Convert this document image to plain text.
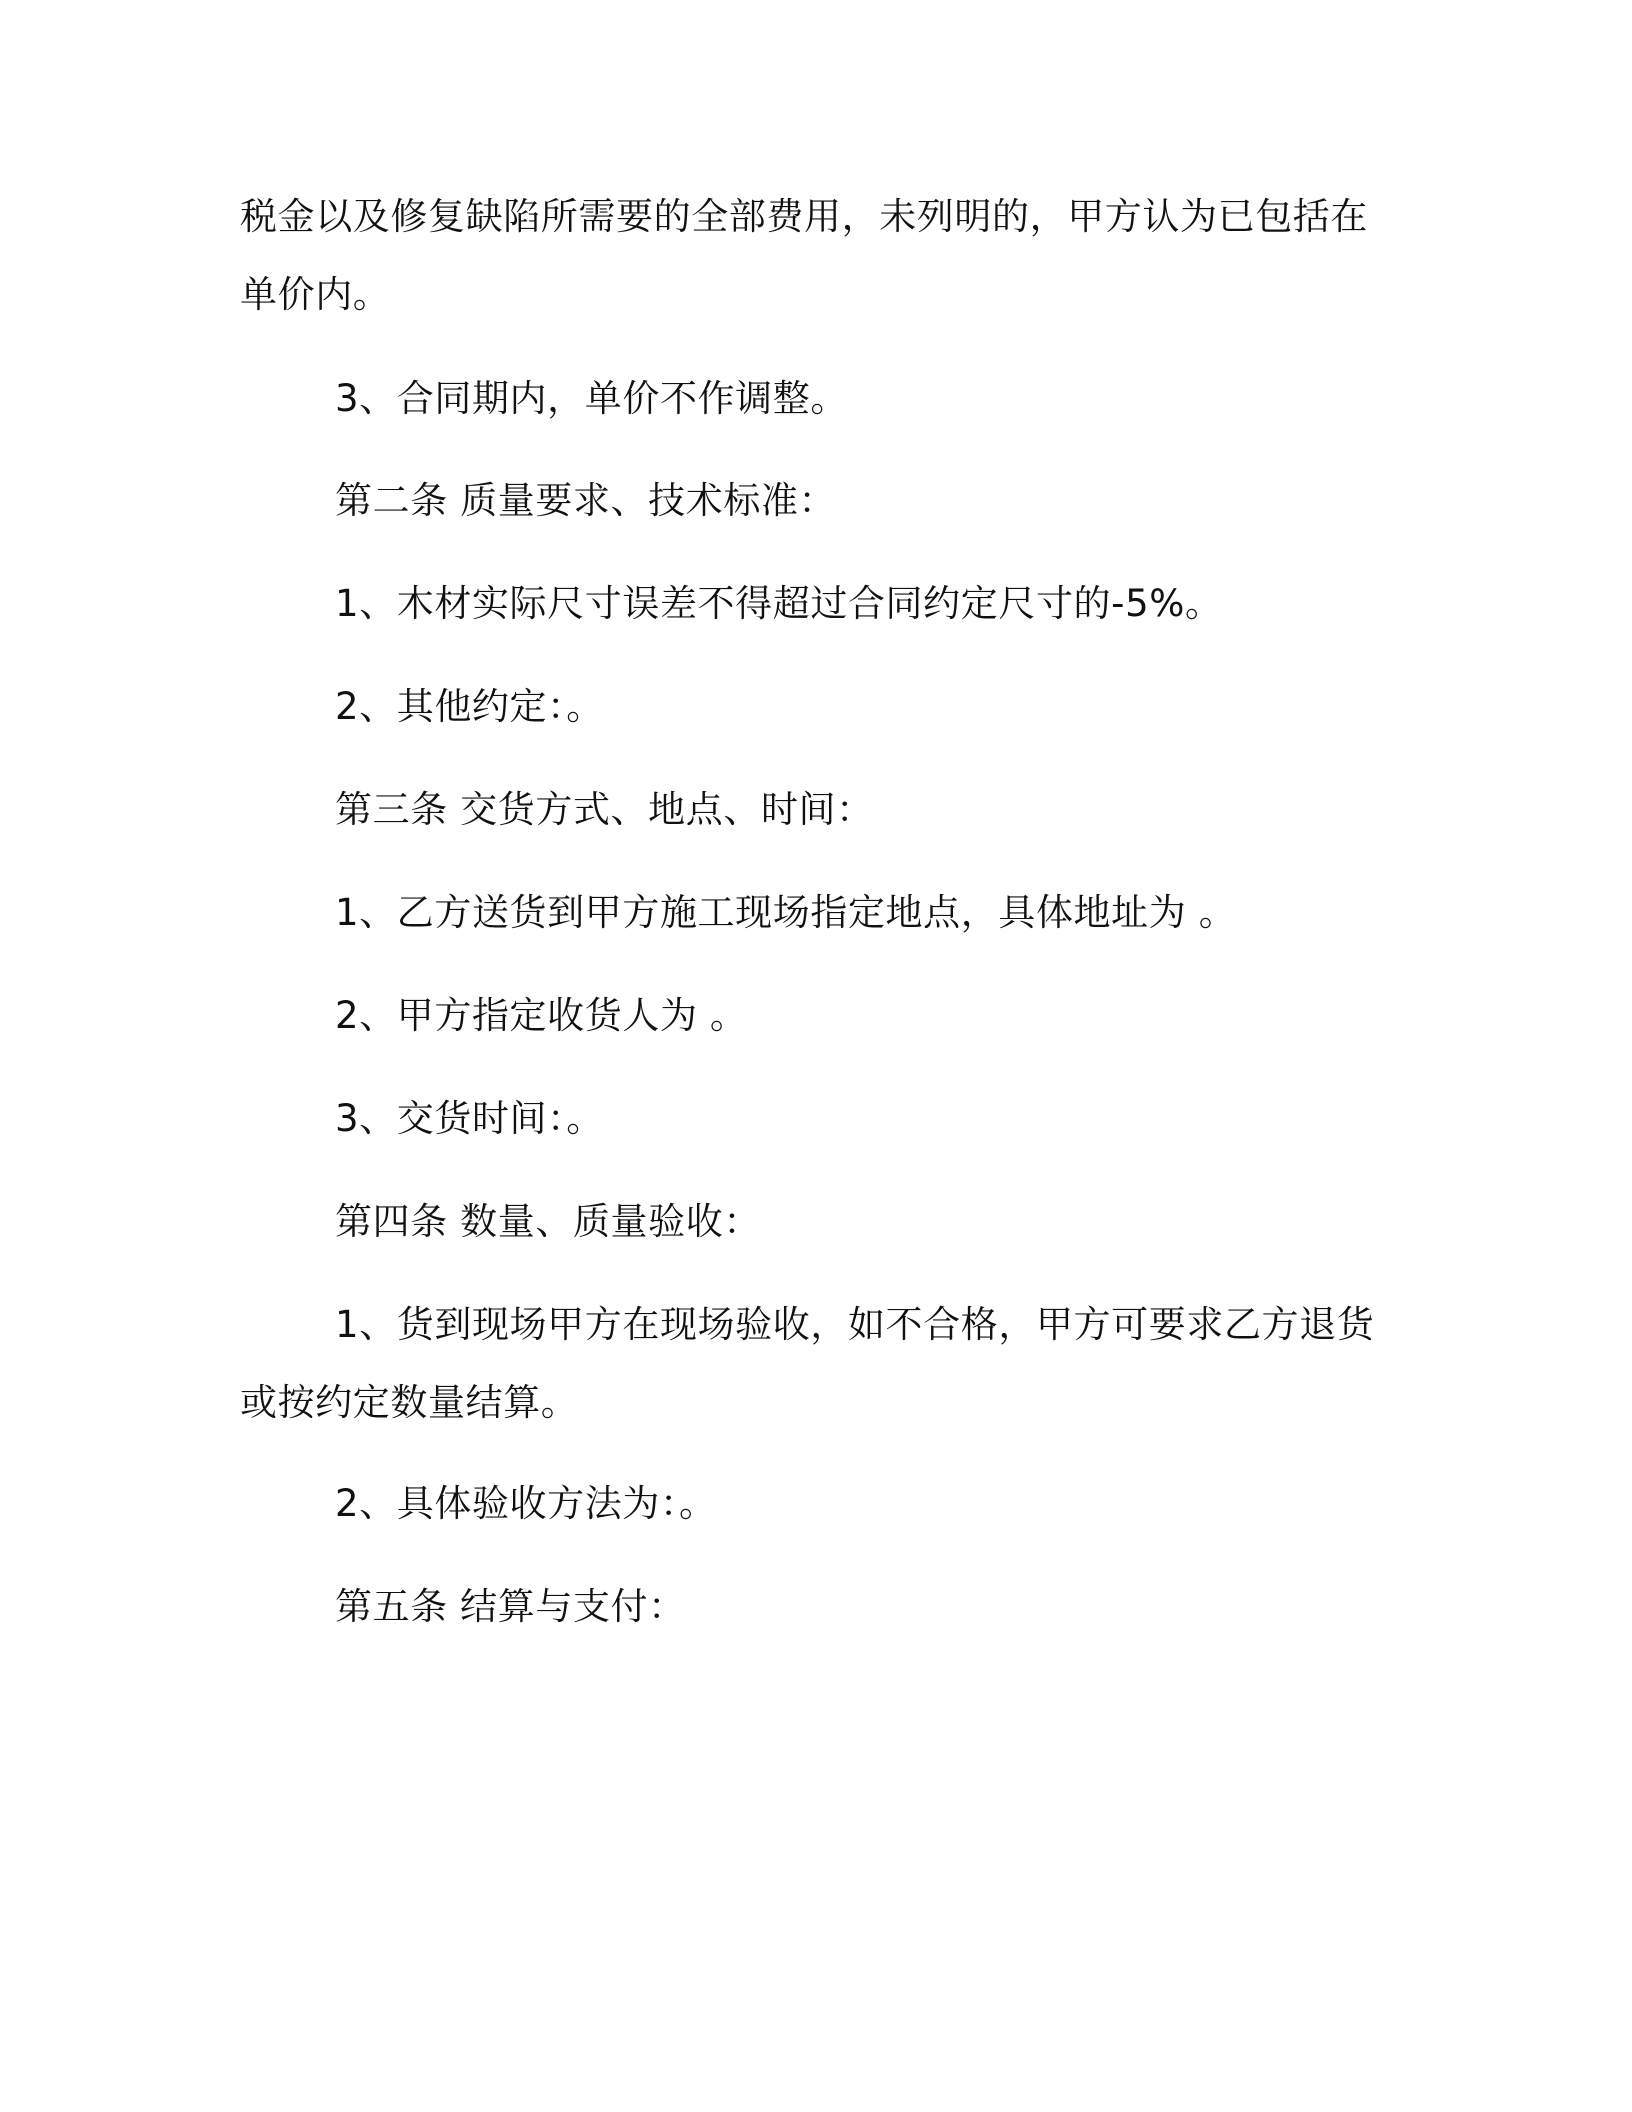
税金以及修复缺陷所需要的全部费用，未列明的，甲方认为已包括在
单价内。

3、合同期内，单价不作调整。

第二条 质量要求、技术标准：

1、木材实际尺寸误差不得超过合同约定尺寸的-5%。

2、其他约定：。

第三条 交货方式、地点、时间：

1、乙方送货到甲方施工现场指定地点，具体地址为 。

2、甲方指定收货人为 。

3、交货时间：。

第四条 数量、质量验收：

1、货到现场甲方在现场验收，如不合格，甲方可要求乙方退货
或按约定数量结算。

2、具体验收方法为：。

第五条 结算与支付：
